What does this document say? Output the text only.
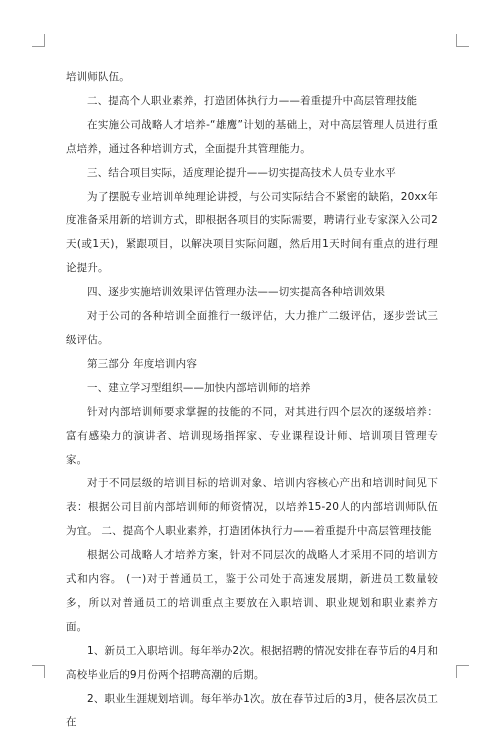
培训师队伍。

二、提高个人职业素养，打造团体执行力——着重提升中高层管理技能

在实施公司战略人才培养-“雄鹰”计划的基础上，对中高层管理人员进行重点培养，通过各种培训方式，全面提升其管理能力。

三、结合项目实际，适度理论提升——切实提高技术人员专业水平

为了摆脱专业培训单纯理论讲授，与公司实际结合不紧密的缺陷，20xx年度准备采用新的培训方式，即根据各项目的实际需要，聘请行业专家深入公司2天(或1天)，紧跟项目，以解决项目实际问题，然后用1天时间有重点的进行理论提升。

四、逐步实施培训效果评估管理办法——切实提高各种培训效果

对于公司的各种培训全面推行一级评估，大力推广二级评估，逐步尝试三级评估。

第三部分 年度培训内容

一、建立学习型组织——加快内部培训师的培养

针对内部培训师要求掌握的技能的不同，对其进行四个层次的逐级培养：富有感染力的演讲者、培训现场指挥家、专业课程设计师、培训项目管理专家。

对于不同层级的培训目标的培训对象、培训内容核心产出和培训时间见下表：根据公司目前内部培训师的师资情况，以培养15-20人的内部培训师队伍为宜。 二、提高个人职业素养，打造团体执行力——着重提升中高层管理技能

根据公司战略人才培养方案，针对不同层次的战略人才采用不同的培训方式和内容。 (一)对于普通员工，鉴于公司处于高速发展期，新进员工数量较多，所以对普通员工的培训重点主要放在入职培训、职业规划和职业素养方面。

1、新员工入职培训。每年举办2次。根据招聘的情况安排在春节后的4月和高校毕业后的9月份两个招聘高潮的后期。

2、职业生涯规划培训。每年举办1次。放在春节过后的3月，使各层次员工在
